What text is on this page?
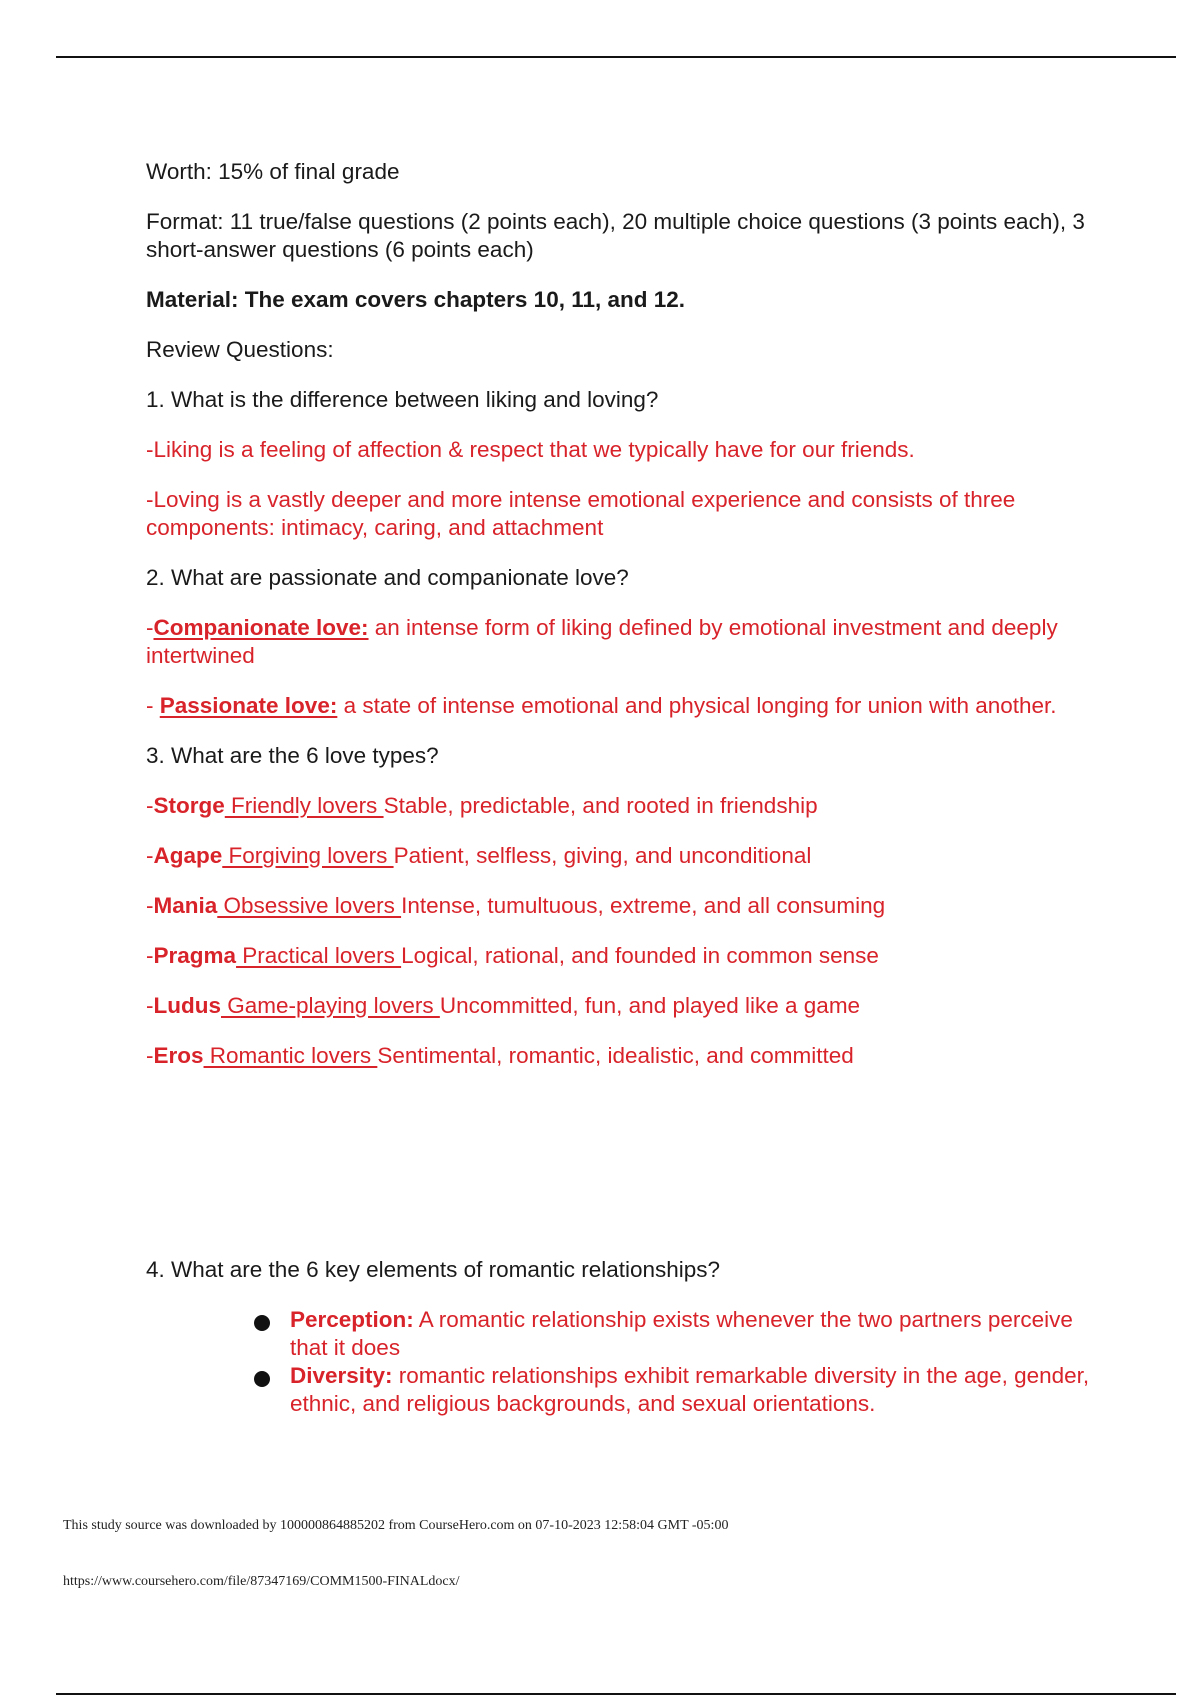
Worth: 15% of final grade

Format: 11 true/false questions (2 points each), 20 multiple choice questions (3 points each), 3 short-answer questions (6 points each)

Material: The exam covers chapters 10, 11, and 12.

Review Questions:

1. What is the difference between liking and loving?

-Liking is a feeling of affection & respect that we typically have for our friends.

-Loving is a vastly deeper and more intense emotional experience and consists of three components: intimacy, caring, and attachment

2. What are passionate and companionate love?

-Companionate love: an intense form of liking defined by emotional investment and deeply intertwined

- Passionate love: a state of intense emotional and physical longing for union with another.

3. What are the 6 love types?

-Storge Friendly lovers Stable, predictable, and rooted in friendship

-Agape Forgiving lovers Patient, selfless, giving, and unconditional

-Mania Obsessive lovers Intense, tumultuous, extreme, and all consuming

-Pragma Practical lovers Logical, rational, and founded in common sense

-Ludus Game-playing lovers Uncommitted, fun, and played like a game

-Eros Romantic lovers Sentimental, romantic, idealistic, and committed

4. What are the 6 key elements of romantic relationships?

Perception: A romantic relationship exists whenever the two partners perceive that it does
Diversity: romantic relationships exhibit remarkable diversity in the age, gender, ethnic, and religious backgrounds, and sexual orientations.
This study source was downloaded by 100000864885202 from CourseHero.com on 07-10-2023 12:58:04 GMT -05:00
https://www.coursehero.com/file/87347169/COMM1500-FINALdocx/
